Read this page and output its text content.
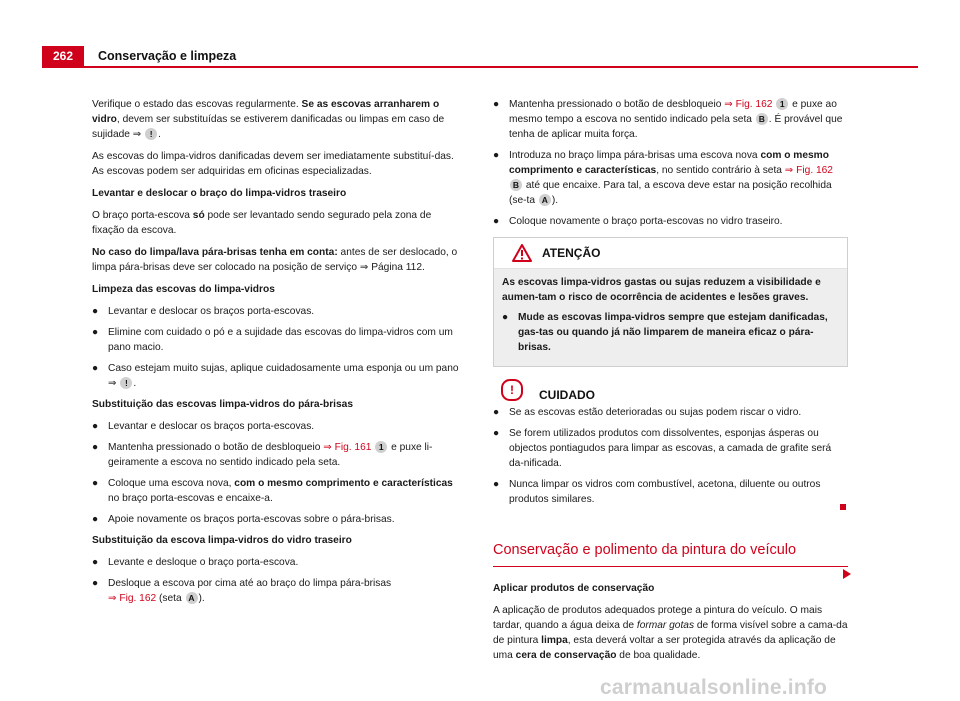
262	Conservação e limpeza

Verifique o estado das escovas regularmente. Se as escovas arranharem o vidro, devem ser substituídas se estiverem danificadas ou limpas em caso de sujidade ⇒ ! .

As escovas do limpa-vidros danificadas devem ser imediatamente substituí-das. As escovas podem ser adquiridas em oficinas especializadas.

Levantar e deslocar o braço do limpa-vidros traseiro

O braço porta-escova só pode ser levantado sendo segurado pela zona de fixação da escova.

No caso do limpa/lava pára-brisas tenha em conta: antes de ser deslocado, o limpa pára-brisas deve ser colocado na posição de serviço ⇒ Página 112.

Limpeza das escovas do limpa-vidros

● Levantar e deslocar os braços porta-escovas.
● Elimine com cuidado o pó e a sujidade das escovas do limpa-vidros com um pano macio.
● Caso estejam muito sujas, aplique cuidadosamente uma esponja ou um pano ⇒ ! .

Substituição das escovas limpa-vidros do pára-brisas

● Levantar e deslocar os braços porta-escovas.
● Mantenha pressionado o botão de desbloqueio ⇒ Fig. 161 1 e puxe li-geiramente a escova no sentido indicado pela seta.
● Coloque uma escova nova, com o mesmo comprimento e características no braço porta-escovas e encaixe-a.
● Apoie novamente os braços porta-escovas sobre o pára-brisas.

Substituição da escova limpa-vidros do vidro traseiro

● Levante e desloque o braço porta-escova.
● Desloque a escova por cima até ao braço do limpa pára-brisas
⇒ Fig. 162 (seta A ).
● Mantenha pressionado o botão de desbloqueio ⇒ Fig. 162 1 e puxe ao mesmo tempo a escova no sentido indicado pela seta B . É provável que tenha de aplicar muita força.
● Introduza no braço limpa pára-brisas uma escova nova com o mesmo comprimento e características, no sentido contrário à seta ⇒ Fig. 162 B até que encaixe. Para tal, a escova deve estar na posição recolhida (se-ta A ).
● Coloque novamente o braço porta-escovas no vidro traseiro.
ATENÇÃO

As escovas limpa-vidros gastas ou sujas reduzem a visibilidade e aumen-tam o risco de ocorrência de acidentes e lesões graves.

● Mude as escovas limpa-vidros sempre que estejam danificadas, gas-tas ou quando já não limparem de maneira eficaz o pára-brisas.
!	CUIDADO
● Se as escovas estão deterioradas ou sujas podem riscar o vidro.
● Se forem utilizados produtos com dissolventes, esponjas ásperas ou objectos pontiagudos para limpar as escovas, a camada de grafite será da-nificada.
● Nunca limpar os vidros com combustível, acetona, diluente ou outros produtos similares.
Conservação e polimento da pintura do veículo

Aplicar produtos de conservação

A aplicação de produtos adequados protege a pintura do veículo. O mais tardar, quando a água deixa de formar gotas de forma visível sobre a cama-da de pintura limpa, esta deverá voltar a ser protegida através da aplicação de uma cera de conservação de boa qualidade.

carmanualsonline.info
